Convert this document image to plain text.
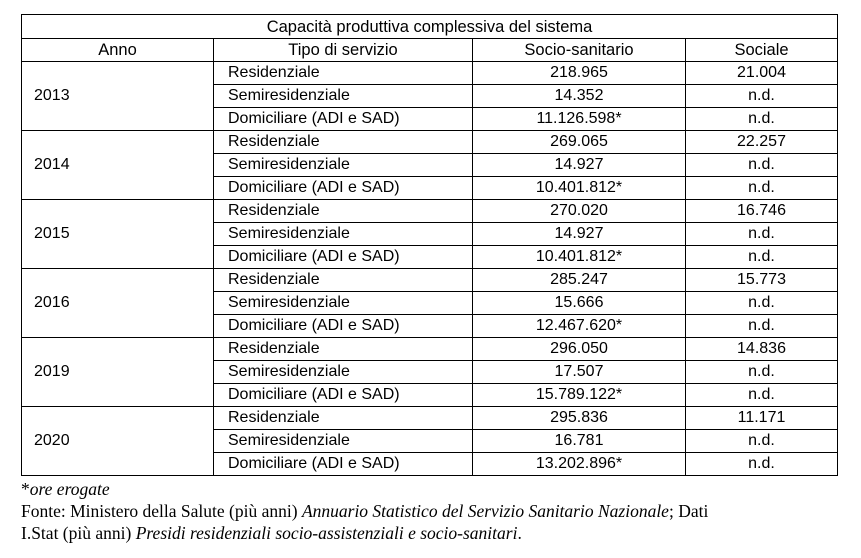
Capacità produttiva complessiva del sistema			
Anno	Tipo di servizio	Socio-sanitario	Sociale
2013	Residenziale	218.965	21.004
	Semiresidenziale	14.352	n.d.
	Domiciliare (ADI e SAD)	11.126.598*	n.d.
2014	Residenziale	269.065	22.257
	Semiresidenziale	14.927	n.d.
	Domiciliare (ADI e SAD)	10.401.812*	n.d.
2015	Residenziale	270.020	16.746
	Semiresidenziale	14.927	n.d.
	Domiciliare (ADI e SAD)	10.401.812*	n.d.
2016	Residenziale	285.247	15.773
	Semiresidenziale	15.666	n.d.
	Domiciliare (ADI e SAD)	12.467.620*	n.d.
2019	Residenziale	296.050	14.836
	Semiresidenziale	17.507	n.d.
	Domiciliare (ADI e SAD)	15.789.122*	n.d.
2020	Residenziale	295.836	11.171
	Semiresidenziale	16.781	n.d.
	Domiciliare (ADI e SAD)	13.202.896*	n.d.
*ore erogate
Fonte: Ministero della Salute (più anni) Annuario Statistico del Servizio Sanitario Nazionale; Dati
I.Stat (più anni) Presidi residenziali socio-assistenziali e socio-sanitari.
